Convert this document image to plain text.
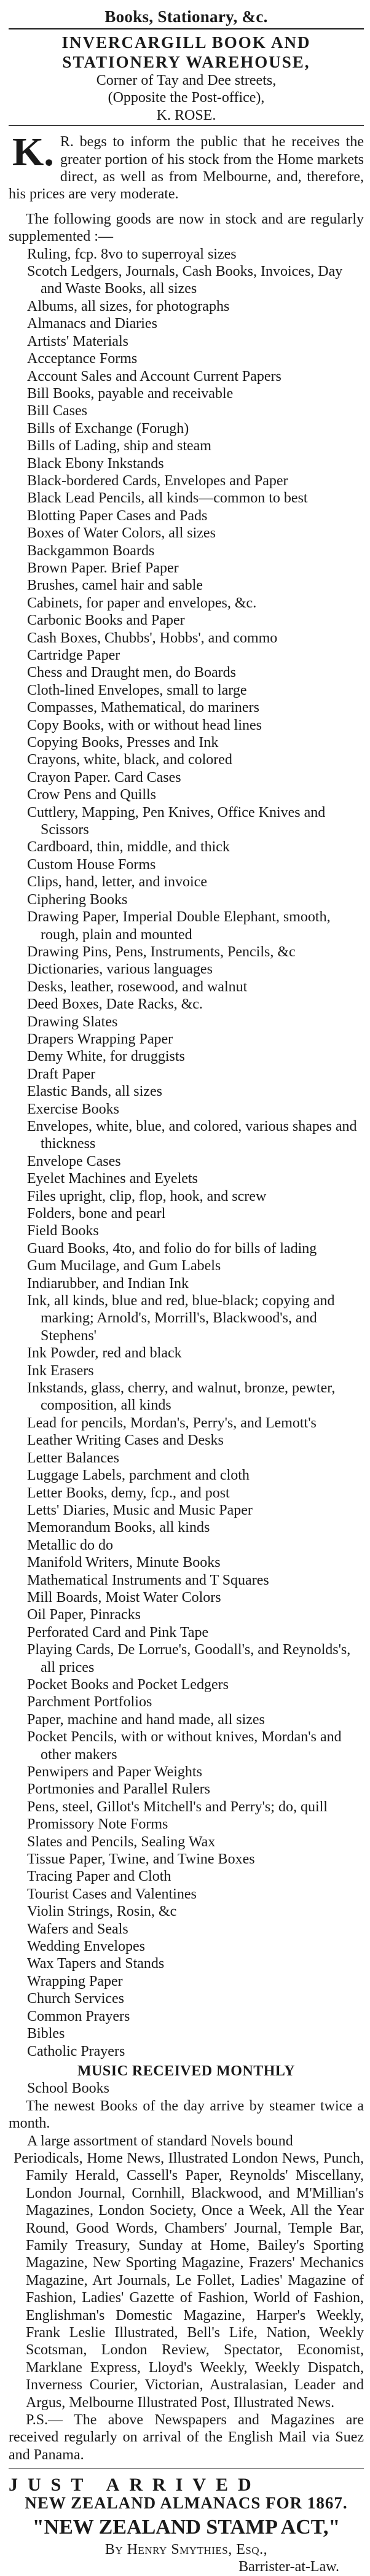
Books, Stationary, &c.
INVERCARGILL BOOK AND
STATIONERY WAREHOUSE,
Corner of Tay and Dee streets,
(Opposite the Post-office),
K. ROSE.
K. R. begs to inform the public that he receives the greater portion of his stock from the Home markets direct, as well as from Melbourne, and, therefore, his prices are very moderate.
The following goods are now in stock and are regularly supplemented :—
Ruling, fcp. 8vo to superroyal sizes
Scotch Ledgers, Journals, Cash Books, Invoices, Day and Waste Books, all sizes
Albums, all sizes, for photographs
Almanacs and Diaries
Artists' Materials
Acceptance Forms
Account Sales and Account Current Papers
Bill Books, payable and receivable
Bill Cases
Bills of Exchange (Forugh)
Bills of Lading, ship and steam
Black Ebony Inkstands
Black-bordered Cards, Envelopes and Paper
Black Lead Pencils, all kinds—common to best
Blotting Paper Cases and Pads
Boxes of Water Colors, all sizes
Backgammon Boards
Brown Paper. Brief Paper
Brushes, camel hair and sable
Cabinets, for paper and envelopes, &c.
Carbonic Books and Paper
Cash Boxes, Chubbs', Hobbs', and commo
Cartridge Paper
Chess and Draught men, do Boards
Cloth-lined Envelopes, small to large
Compasses, Mathematical, do mariners
Copy Books, with or without head lines
Copying Books, Presses and Ink
Crayons, white, black, and colored
Crayon Paper. Card Cases
Crow Pens and Quills
Cuttlery, Mapping, Pen Knives, Office Knives and Scissors
Cardboard, thin, middle, and thick
Custom House Forms
Clips, hand, letter, and invoice
Ciphering Books
Drawing Paper, Imperial Double Elephant, smooth, rough, plain and mounted
Drawing Pins, Pens, Instruments, Pencils, &c
Dictionaries, various languages
Desks, leather, rosewood, and walnut
Deed Boxes, Date Racks, &c.
Drawing Slates
Drapers Wrapping Paper
Demy White, for druggists
Draft Paper
Elastic Bands, all sizes
Exercise Books
Envelopes, white, blue, and colored, various shapes and thickness
Envelope Cases
Eyelet Machines and Eyelets
Files upright, clip, flop, hook, and screw
Folders, bone and pearl
Field Books
Guard Books, 4to, and folio do for bills of lading
Gum Mucilage, and Gum Labels
Indiarubber, and Indian Ink
Ink, all kinds, blue and red, blue-black; copying and marking; Arnold's, Morrill's, Blackwood's, and Stephens'
Ink Powder, red and black
Ink Erasers
Inkstands, glass, cherry, and walnut, bronze, pewter, composition, all kinds
Lead for pencils, Mordan's, Perry's, and Lemott's
Leather Writing Cases and Desks
Letter Balances
Luggage Labels, parchment and cloth
Letter Books, demy, fcp., and post
Letts' Diaries, Music and Music Paper
Memorandum Books, all kinds
Metallic do do
Manifold Writers, Minute Books
Mathematical Instruments and T Squares
Mill Boards, Moist Water Colors
Oil Paper, Pinracks
Perforated Card and Pink Tape
Playing Cards, De Lorrue's, Goodall's, and Reynolds's, all prices
Pocket Books and Pocket Ledgers
Parchment Portfolios
Paper, machine and hand made, all sizes
Pocket Pencils, with or without knives, Mordan's and other makers
Penwipers and Paper Weights
Portmonies and Parallel Rulers
Pens, steel, Gillot's Mitchell's and Perry's; do, quill
Promissory Note Forms
Slates and Pencils, Sealing Wax
Tissue Paper, Twine, and Twine Boxes
Tracing Paper and Cloth
Tourist Cases and Valentines
Violin Strings, Rosin, &c
Wafers and Seals
Wedding Envelopes
Wax Tapers and Stands
Wrapping Paper
Church Services
Common Prayers
Bibles
Catholic Prayers
MUSIC RECEIVED MONTHLY
School Books
The newest Books of the day arrive by steamer twice a month.
A large assortment of standard Novels bound
Periodicals, Home News, Illustrated London News, Punch, Family Herald, Cassell's Paper, Reynolds' Miscellany, London Journal, Cornhill, Blackwood, and M'Millian's Magazines, London Society, Once a Week, All the Year Round, Good Words, Chambers' Journal, Temple Bar, Family Treasury, Sunday at Home, Bailey's Sporting Magazine, New Sporting Magazine, Frazers' Mechanics Magazine, Art Journals, Le Follet, Ladies' Magazine of Fashion, Ladies' Gazette of Fashion, World of Fashion, Englishman's Domestic Magazine, Harper's Weekly, Frank Leslie Illustrated, Bell's Life, Nation, Weekly Scotsman, London Review, Spectator, Economist, Marklane Express, Lloyd's Weekly, Weekly Dispatch, Inverness Courier, Victorian, Australasian, Leader and Argus, Melbourne Illustrated Post, Illustrated News.
P.S.— The above Newspapers and Magazines are received regularly on arrival of the English Mail via Suez and Panama.
JUST ARRIVED
NEW ZEALAND ALMANACS FOR 1867.
"NEW ZEALAND STAMP ACT,"
By Henry Smythies, Esq.,
Barrister-at-Law.
